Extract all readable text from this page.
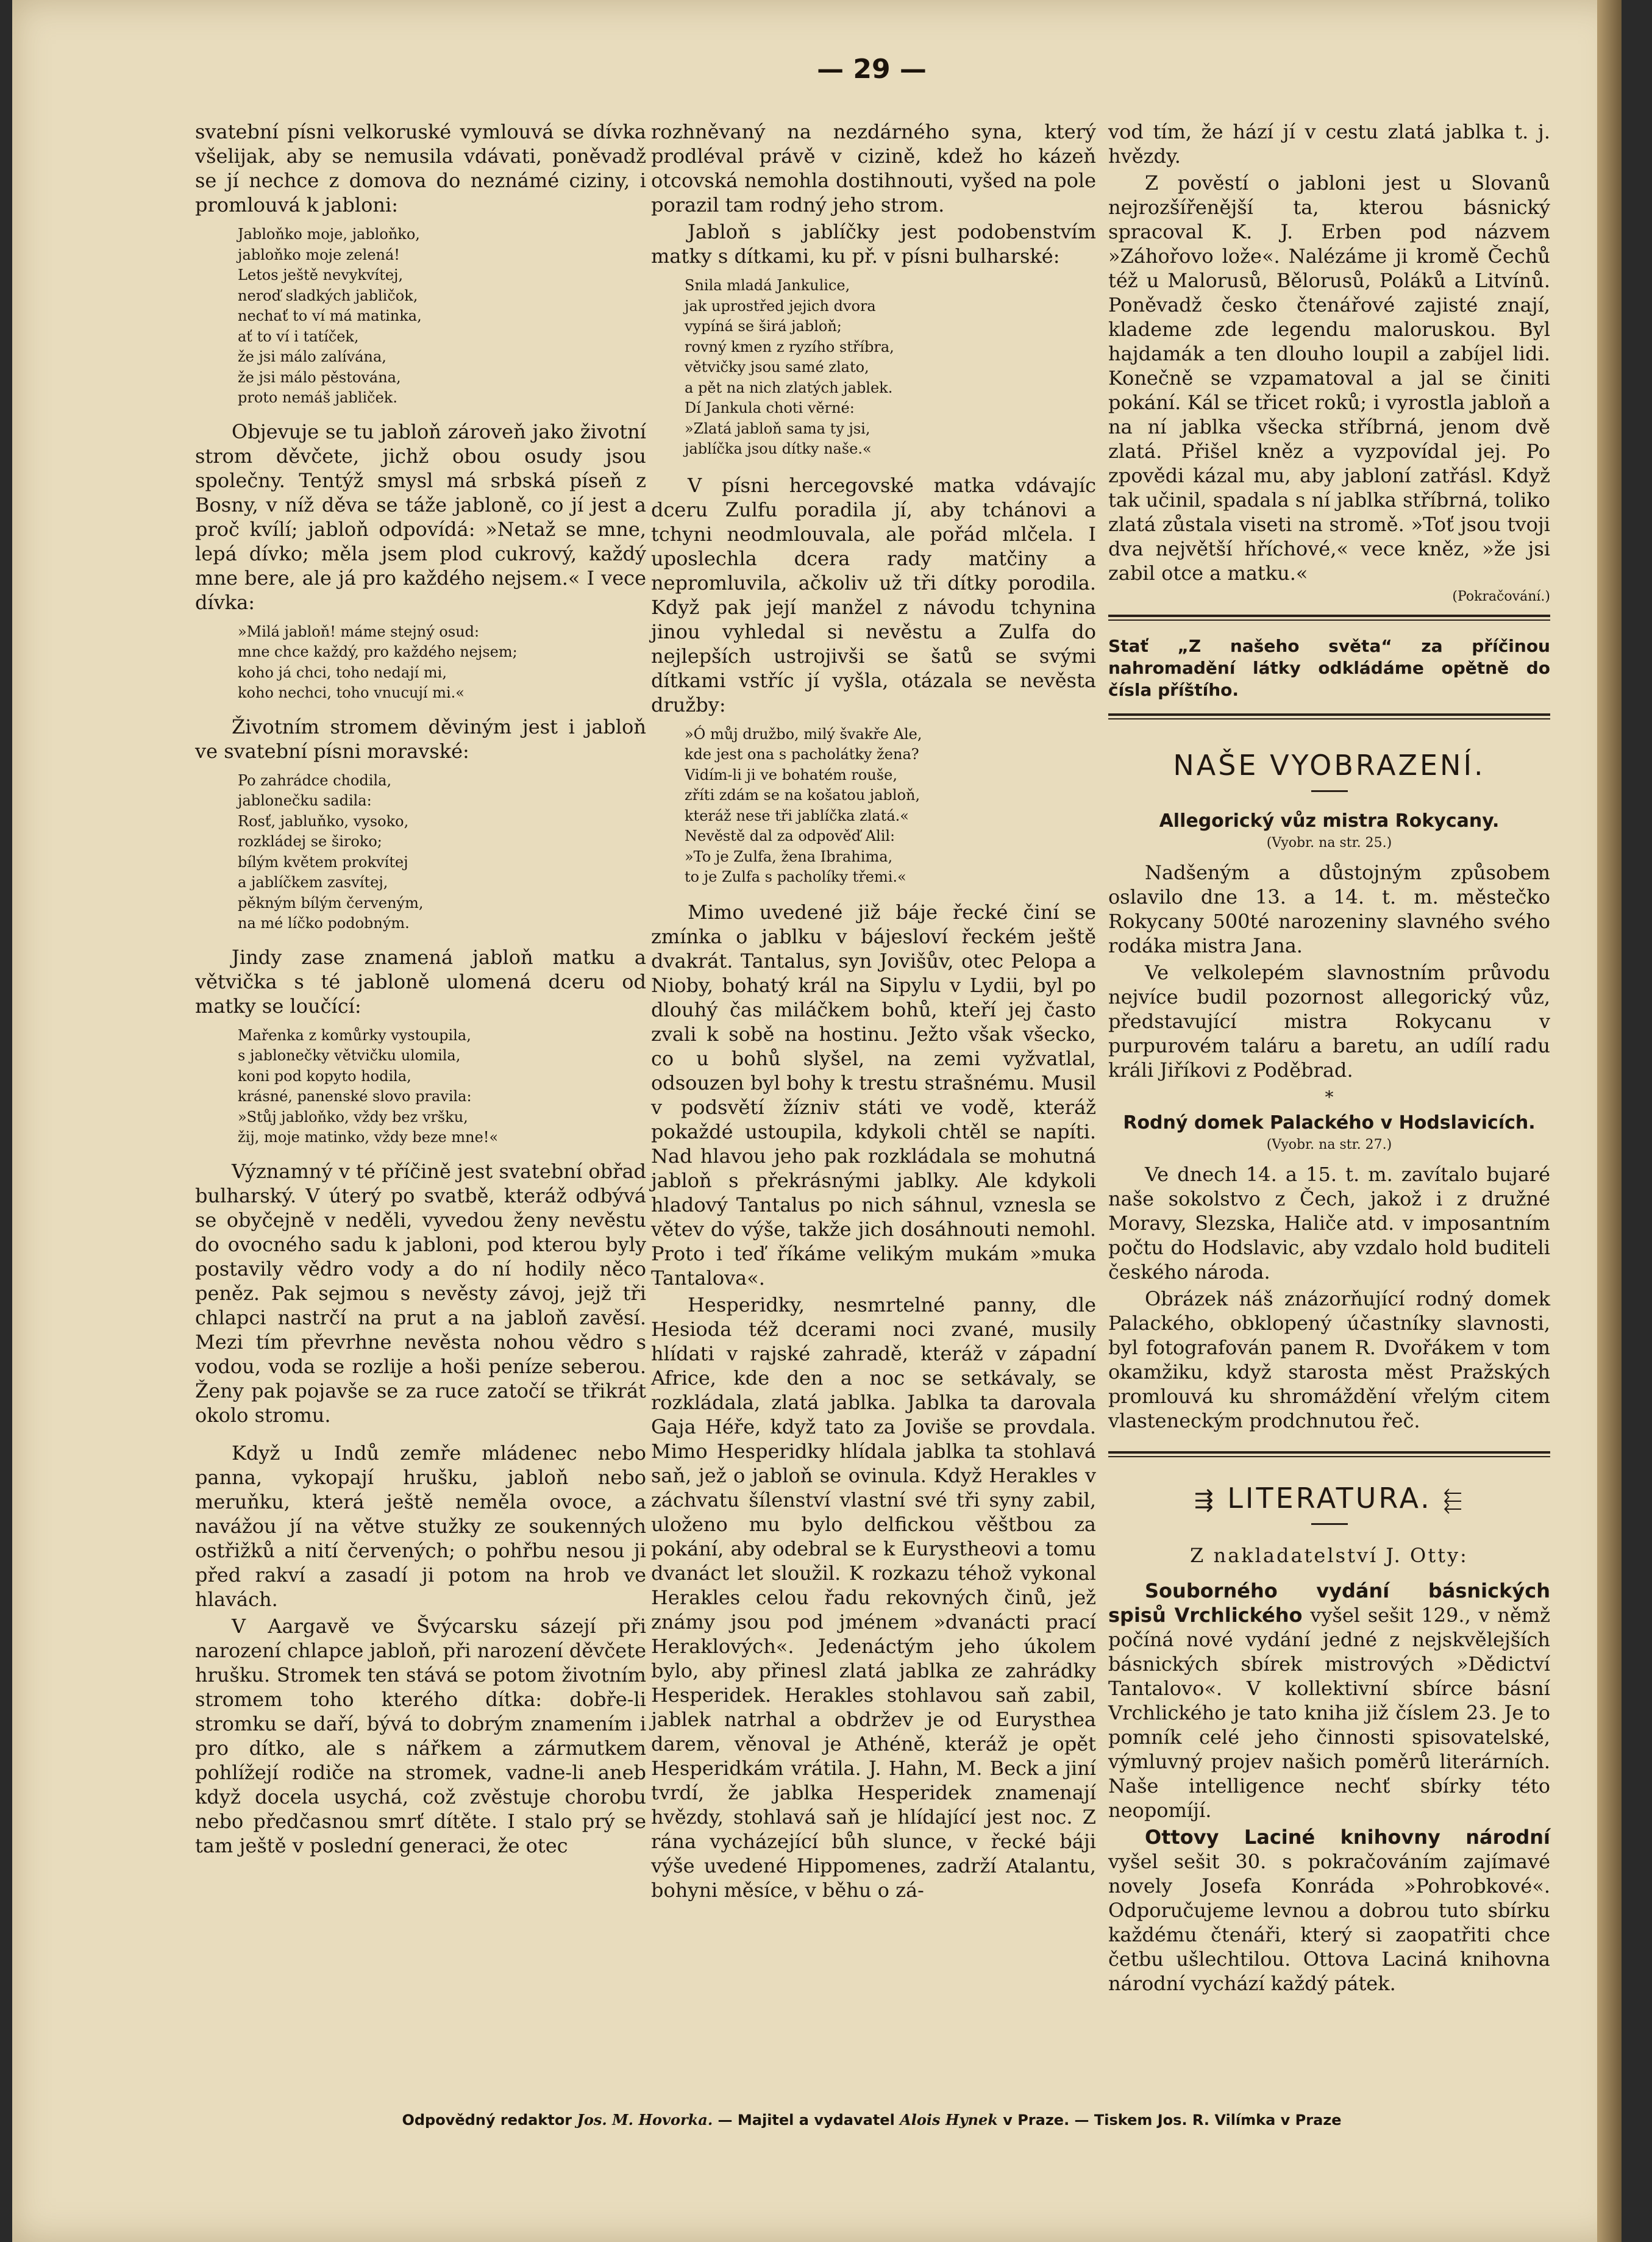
— 29 —

svatební písni velkoruské vymlouvá se dívka všelijak, aby se nemusila vdávati, poněvadž se jí nechce z domova do neznámé ciziny, i promlouvá k jabloni:

Jabloňko moje, jabloňko,
jabloňko moje zelená!
Letos ještě nevykvítej,
neroď sladkých jabličok,
nechať to ví má matinka,
ať to ví i tatíček,
že jsi málo zalívána,
že jsi málo pěstována,
proto nemáš jabliček.

Objevuje se tu jabloň zároveň jako životní strom děvčete, jichž obou osudy jsou společny. Tentýž smysl má srbská píseň z Bosny, v níž děva se táže jabloně, co jí jest a proč kvílí; jabloň odpovídá: »Netaž se mne, lepá dívko; měla jsem plod cukrový, každý mne bere, ale já pro každého nejsem.« I vece dívka:

»Milá jabloň! máme stejný osud:
mne chce každý, pro každého nejsem;
koho já chci, toho nedají mi,
koho nechci, toho vnucují mi.«

Životním stromem děviným jest i jabloň ve svatební písni moravské:

Po zahrádce chodila,
jablonečku sadila:
Rosť, jabluňko, vysoko,
rozkládej se široko;
bílým květem prokvítej
a jablíčkem zasvítej,
pěkným bílým červeným,
na mé líčko podobným.

Jindy zase znamená jabloň matku a větvička s té jabloně ulomená dceru od matky se loučící:

Mařenka z komůrky vystoupila,
s jablonečky větvičku ulomila,
koni pod kopyto hodila,
krásné, panenské slovo pravila:
»Stůj jabloňko, vždy bez vršku,
žij, moje matinko, vždy beze mne!«

Významný v té příčině jest svatební obřad bulharský. V úterý po svatbě, kteráž odbývá se obyčejně v neděli, vyvedou ženy nevěstu do ovocného sadu k jabloni, pod kterou byly postavily vědro vody a do ní hodily něco peněz. Pak sejmou s nevěsty závoj, jejž tři chlapci nastrčí na prut a na jabloň zavěsí. Mezi tím převrhne nevěsta nohou vědro s vodou, voda se rozlije a hoši peníze seberou. Ženy pak pojavše se za ruce zatočí se třikrát okolo stromu.

Když u Indů zemře mládenec nebo panna, vykopají hrušku, jabloň nebo meruňku, která ještě neměla ovoce, a navážou jí na větve stužky ze soukenných ostřižků a nití červených; o pohřbu nesou ji před rakví a zasadí ji potom na hrob ve hlavách.

V Aargavě ve Švýcarsku sázejí při narození chlapce jabloň, při narození děvčete hrušku. Stromek ten stává se potom životním stromem toho kterého dítka: dobře-li stromku se daří, bývá to dobrým znamením i pro dítko, ale s nářkem a zármutkem pohlížejí rodiče na stromek, vadne-li aneb když docela usychá, což zvěstuje chorobu nebo předčasnou smrť dítěte. I stalo prý se tam ještě v poslední generaci, že otec

rozhněvaný na nezdárného syna, který prodléval právě v cizině, kdež ho kázeň otcovská nemohla dostihnouti, vyšed na pole porazil tam rodný jeho strom.

Jabloň s jablíčky jest podobenstvím matky s dítkami, ku př. v písni bulharské:

Snila mladá Jankulice,
jak uprostřed jejich dvora
vypíná se širá jabloň;
rovný kmen z ryzího stříbra,
větvičky jsou samé zlato,
a pět na nich zlatých jablek.
Dí Jankula choti věrné:
»Zlatá jabloň sama ty jsi,
jablíčka jsou dítky naše.«

V písni hercegovské matka vdávajíc dceru Zulfu poradila jí, aby tchánovi a tchyni neodmlouvala, ale pořád mlčela. I uposlechla dcera rady matčiny a nepromluvila, ačkoliv už tři dítky porodila. Když pak její manžel z návodu tchynina jinou vyhledal si nevěstu a Zulfa do nejlepších ustrojivši se šatů se svými dítkami vstříc jí vyšla, otázala se nevěsta družby:

»Ó můj družbo, milý švakře Ale,
kde jest ona s pacholátky žena?
Vidím-li ji ve bohatém rouše,
zříti zdám se na košatou jabloň,
kteráž nese tři jablíčka zlatá.«
Nevěstě dal za odpověď Alil:
»To je Zulfa, žena Ibrahima,
to je Zulfa s pacholíky třemi.«

Mimo uvedené již báje řecké činí se zmínka o jablku v bájesloví řeckém ještě dvakrát. Tantalus, syn Jovišův, otec Pelopa a Nioby, bohatý král na Sipylu v Lydii, byl po dlouhý čas miláčkem bohů, kteří jej často zvali k sobě na hostinu. Ježto však všecko, co u bohů slyšel, na zemi vyžvatlal, odsouzen byl bohy k trestu strašnému. Musil v podsvětí žízniv státi ve vodě, kteráž pokaždé ustoupila, kdykoli chtěl se napíti. Nad hlavou jeho pak rozkládala se mohutná jabloň s překrásnými jablky. Ale kdykoli hladový Tantalus po nich sáhnul, vznesla se větev do výše, takže jich dosáhnouti nemohl. Proto i teď říkáme velikým mukám »muka Tantalova«.

Hesperidky, nesmrtelné panny, dle Hesioda též dcerami noci zvané, musily hlídati v rajské zahradě, kteráž v západní Africe, kde den a noc se setkávaly, se rozkládala, zlatá jablka. Jablka ta darovala Gaja Héře, když tato za Joviše se provdala. Mimo Hesperidky hlídala jablka ta stohlavá saň, jež o jabloň se ovinula. Když Herakles v záchvatu šílenství vlastní své tři syny zabil, uloženo mu bylo delfickou věštbou za pokání, aby odebral se k Eurystheovi a tomu dvanáct let sloužil. K rozkazu téhož vykonal Herakles celou řadu rekovných činů, jež známy jsou pod jménem »dvanácti prací Heraklových«. Jedenáctým jeho úkolem bylo, aby přinesl zlatá jablka ze zahrádky Hesperidek. Herakles stohlavou saň zabil, jablek natrhal a obdržev je od Eurysthea darem, věnoval je Athéně, kteráž je opět Hesperidkám vrátila. J. Hahn, M. Beck a jiní tvrdí, že jablka Hesperidek znamenají hvězdy, stohlavá saň je hlídající jest noc. Z rána vycházející bůh slunce, v řecké báji výše uvedené Hippomenes, zadrží Atalantu, bohyni měsíce, v běhu o zá-

vod tím, že hází jí v cestu zlatá jablka t. j. hvězdy.

Z pověstí o jabloni jest u Slovanů nejrozšířenější ta, kterou básnický spracoval K. J. Erben pod názvem »Záhořovo lože«. Nalézáme ji kromě Čechů též u Malorusů, Bělorusů, Poláků a Litvínů. Poněvadž česko čtenářové zajisté znají, klademe zde legendu maloruskou. Byl hajdamák a ten dlouho loupil a zabíjel lidi. Konečně se vzpamatoval a jal se činiti pokání. Kál se třicet roků; i vyrostla jabloň a na ní jablka všecka stříbrná, jenom dvě zlatá. Přišel kněz a vyzpovídal jej. Po zpovědi kázal mu, aby jabloní zatřásl. Když tak učinil, spadala s ní jablka stříbrná, toliko zlatá zůstala viseti na stromě. »Toť jsou tvoji dva největší hříchové,« vece kněz, »že jsi zabil otce a matku.«

(Pokračování.)
Stať „Z našeho světa“ za příčinou nahromadění látky odkládáme opětně do čísla příštího.
NAŠE VYOBRAZENÍ.
Allegorický vůz mistra Rokycany.
(Vyobr. na str. 25.)

Nadšeným a důstojným způsobem oslavilo dne 13. a 14. t. m. městečko Rokycany 500té narozeniny slavného svého rodáka mistra Jana.

Ve velkolepém slavnostním průvodu nejvíce budil pozornost allegorický vůz, představující mistra Rokycanu v purpurovém taláru a baretu, an udílí radu králi Jiříkovi z Poděbrad.

*
Rodný domek Palackého v Hodslavicích.
(Vyobr. na str. 27.)

Ve dnech 14. a 15. t. m. zavítalo bujaré naše sokolstvo z Čech, jakož i z družné Moravy, Slezska, Haliče atd. v imposantním počtu do Hodslavic, aby vzdalo hold buditeli českého národa.

Obrázek náš znázorňující rodný domek Palackého, obklopený účastníky slavnosti, byl fotografován panem R. Dvořákem v tom okamžiku, když starosta měst Pražských promlouvá ku shromáždění vřelým citem vlasteneckým prodchnutou řeč.

⇶ LITERATURA. ⬱

Z nakladatelství J. Otty:

Souborného vydání básnických spisů Vrchlického vyšel sešit 129., v němž počíná nové vydání jedné z nejskvělejších básnických sbírek mistrových »Dědictví Tantalovo«. V kollektivní sbírce básní Vrchlického je tato kniha již číslem 23. Je to pomník celé jeho činnosti spisovatelské, výmluvný projev našich poměrů literárních. Naše intelligence nechť sbírky této neopomíjí.

Ottovy Laciné knihovny národní vyšel sešit 30. s pokračováním zajímavé novely Josefa Konráda »Pohrobkové«. Odporučujeme levnou a dobrou tuto sbírku každému čtenáři, který si zaopatřiti chce četbu ušlechtilou. Ottova Laciná knihovna národní vychází každý pátek.

Odpovědný redaktor Jos. M. Hovorka. — Majitel a vydavatel Alois Hynek v Praze. — Tiskem Jos. R. Vilímka v Praze
